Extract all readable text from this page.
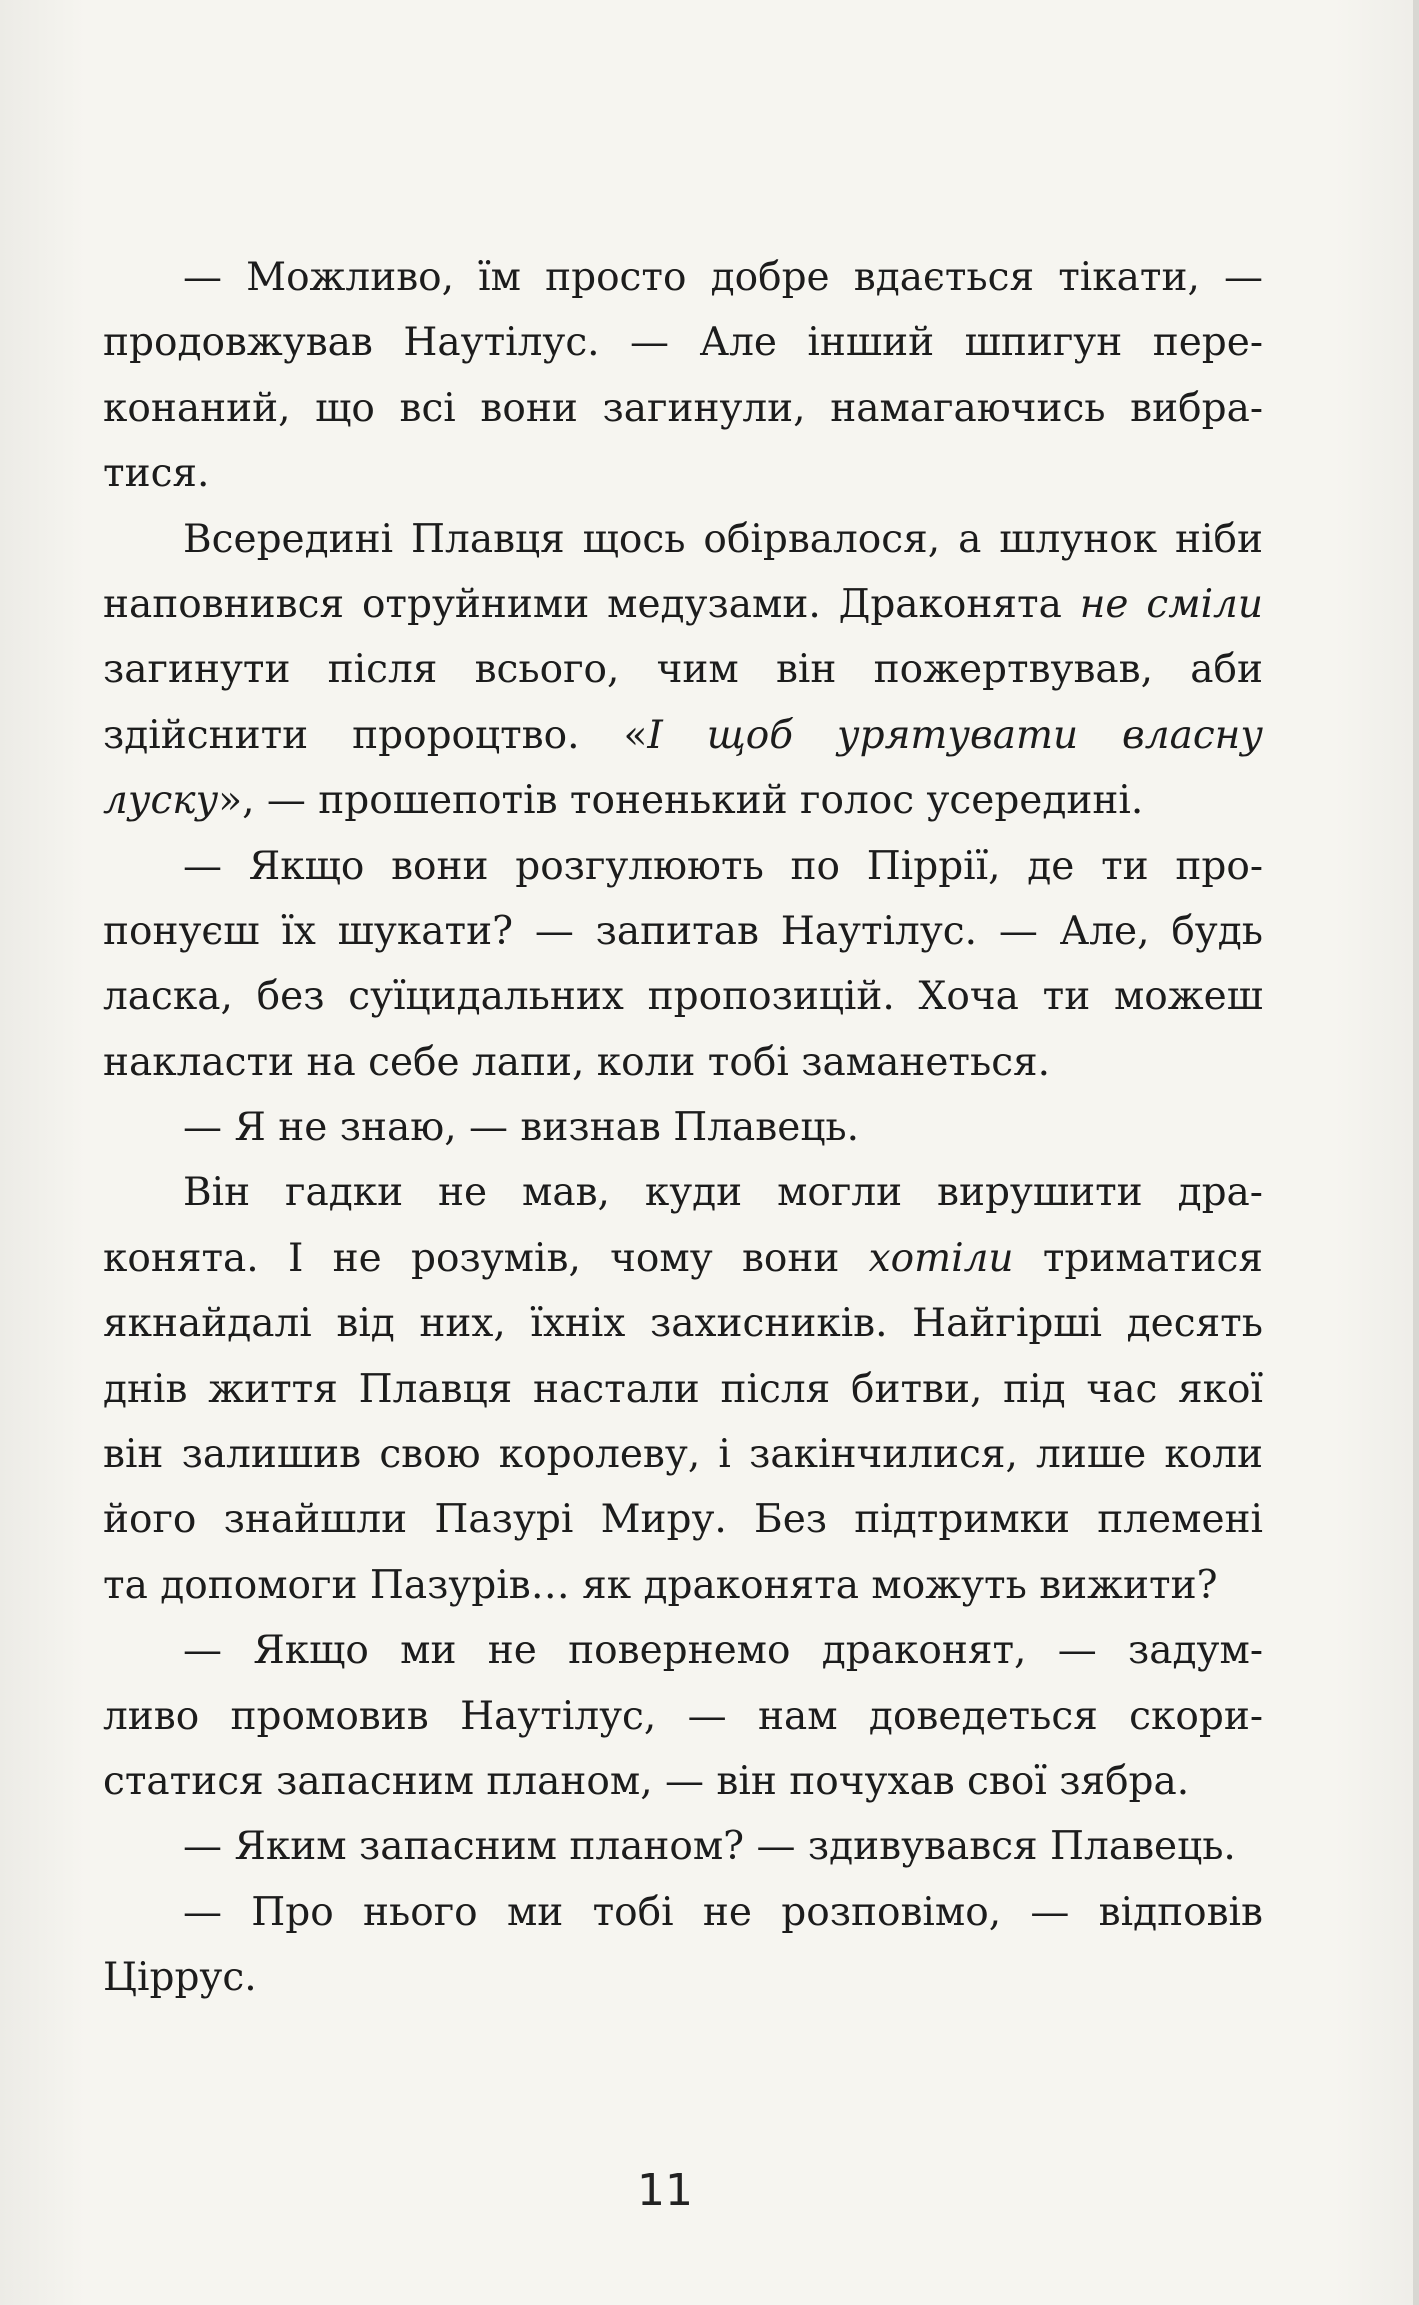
— Можливо, їм просто добре вдається тікати, —
продовжував Наутілус. — Але інший шпигун пере-
конаний, що всі вони загинули, намагаючись вибра-
тися.
Всередині Плавця щось обірвалося, а шлунок ніби
наповнився отруйними медузами. Драконята не сміли
загинути після всього, чим він пожертвував, аби
здійснити пророцтво. «І щоб урятувати власну
луску», — прошепотів тоненький голос усередині.
— Якщо вони розгулюють по Піррії, де ти про-
понуєш їх шукати? — запитав Наутілус. — Але, будь
ласка, без суїцидальних пропозицій. Хоча ти можеш
накласти на себе лапи, коли тобі заманеться.
— Я не знаю, — визнав Плавець.
Він гадки не мав, куди могли вирушити дра-
конята. І не розумів, чому вони хотіли триматися
якнайдалі від них, їхніх захисників. Найгірші десять
днів життя Плавця настали після битви, під час якої
він залишив свою королеву, і закінчилися, лише коли
його знайшли Пазурі Миру. Без підтримки племені
та допомоги Пазурів… як драконята можуть вижити?
— Якщо ми не повернемо драконят, — задум-
ливо промовив Наутілус, — нам доведеться скори-
статися запасним планом, — він почухав свої зябра.
— Яким запасним планом? — здивувався Плавець.
— Про нього ми тобі не розповімо, — відповів
Ціррус.
11
